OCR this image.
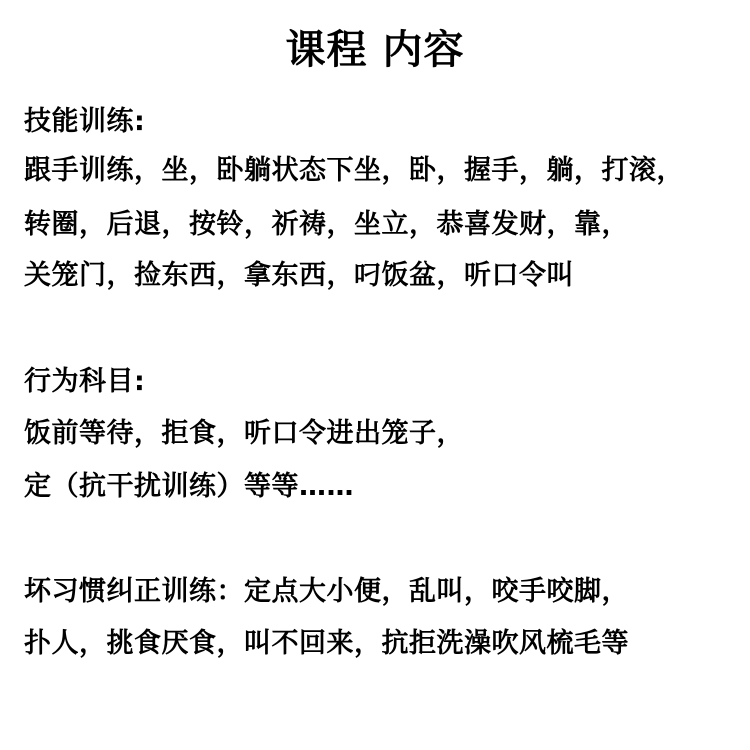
课程 内容
技能训练:
跟手训练，坐，卧躺状态下坐，卧，握手，躺，打滚，
转圈，后退，按铃，祈祷，坐立，恭喜发财，靠，
关笼门，捡东西，拿东西，叼饭盆，听口令叫
行为科目:
饭前等待，拒食，听口令进出笼子，
定（抗干扰训练）等等……
坏习惯纠正训练：定点大小便，乱叫，咬手咬脚，
扑人，挑食厌食，叫不回来，抗拒洗澡吹风梳毛等
